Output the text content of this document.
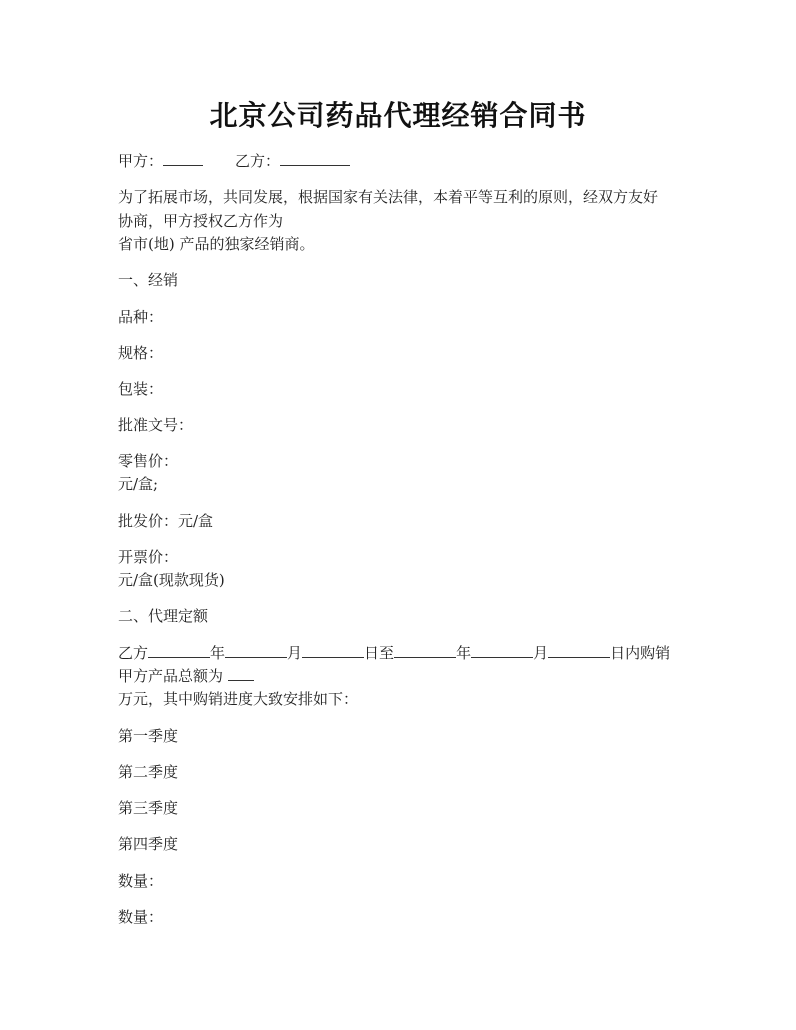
北京公司药品代理经销合同书
甲方：	乙方：
为了拓展市场，共同发展，根据国家有关法律，本着平等互利的原则，经双方友好
协商，甲方授权乙方作为
省市(地) 产品的独家经销商。
一、经销
品种：
规格：
包装：
批准文号：
零售价：
元/盒;
批发价：元/盒
开票价：
元/盒(现款现货)
二、代理定额
乙方	年	月	日至	年	月	日内购销
甲方产品总额为
万元，其中购销进度大致安排如下：
第一季度
第二季度
第三季度
第四季度
数量：
数量：
